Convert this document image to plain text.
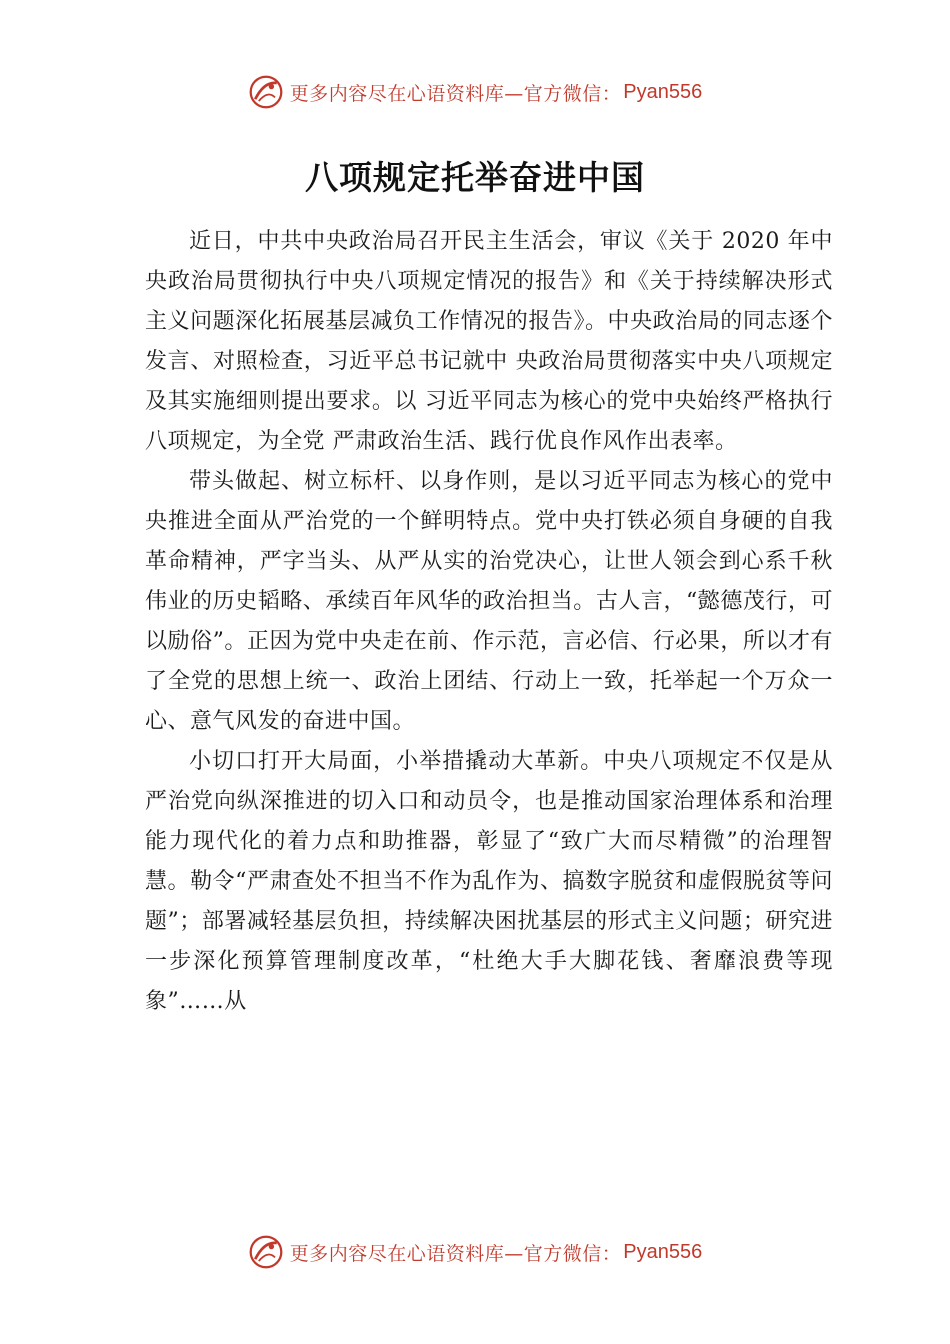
更多内容尽在心语资料库—官方微信： Pyan556
八项规定托举奋进中国

近日，中共中央政治局召开民主生活会，审议《关于 2020 年中央政治局贯彻执行中央八项规定情况的报告》和《关于持续解决形式主义问题深化拓展基层减负工作情况的报告》。中央政治局的同志逐个发言、对照检查，习近平总书记就中 央政治局贯彻落实中央八项规定及其实施细则提出要求。以 习近平同志为核心的党中央始终严格执行八项规定，为全党 严肃政治生活、践行优良作风作出表率。

带头做起、树立标杆、以身作则，是以习近平同志为核心的党中央推进全面从严治党的一个鲜明特点。党中央打铁必须自身硬的自我革命精神，严字当头、从严从实的治党决心，让世人领会到心系千秋伟业的历史韬略、承续百年风华的政治担当。古人言，“懿德茂行，可以励俗”。正因为党中央走在前、作示范，言必信、行必果，所以才有了全党的思想上统一、政治上团结、行动上一致，托举起一个万众一心、意气风发的奋进中国。

小切口打开大局面，小举措撬动大革新。中央八项规定不仅是从严治党向纵深推进的切入口和动员令，也是推动国家治理体系和治理能力现代化的着力点和助推器，彰显了“致广大而尽精微”的治理智慧。勒令“严肃查处不担当不作为乱作为、搞数字脱贫和虚假脱贫等问题”；部署减轻基层负担，持续解决困扰基层的形式主义问题；研究进一步深化预算管理制度改革，“杜绝大手大脚花钱、奢靡浪费等现象”……从

更多内容尽在心语资料库—官方微信： Pyan556
